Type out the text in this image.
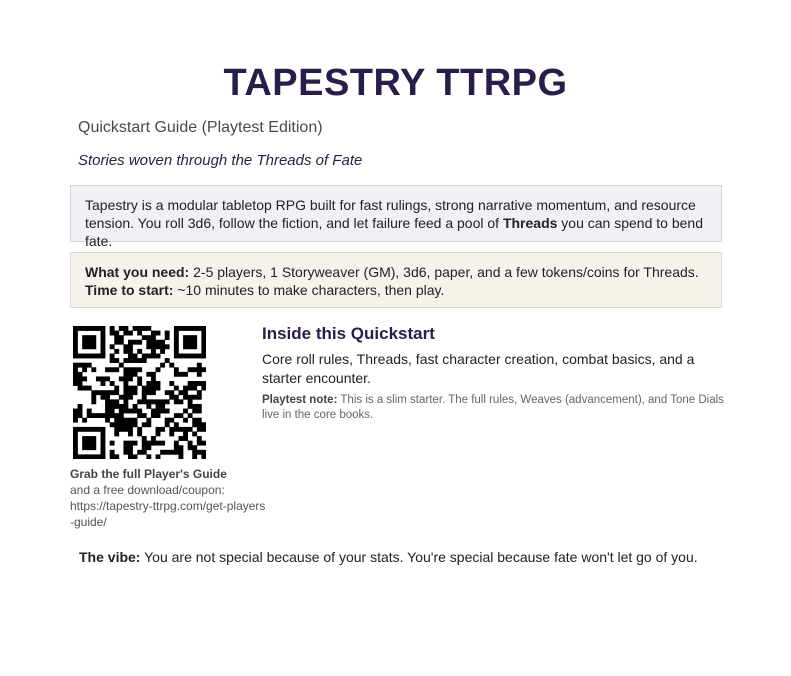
TAPESTRY TTRPG

Quickstart Guide (Playtest Edition)

Stories woven through the Threads of Fate

Tapestry is a modular tabletop RPG built for fast rulings, strong narrative momentum, and resource tension. You roll 3d6, follow the fiction, and let failure feed a pool of Threads you can spend to bend fate.
What you need: 2-5 players, 1 Storyweaver (GM), 3d6, paper, and a few tokens/coins for Threads.
Time to start: ~10 minutes to make characters, then play.
Grab the full Player's Guide
and a free download/coupon:
https://tapestry-ttrpg.com/get-players-guide/
Inside this Quickstart

Core roll rules, Threads, fast character creation, combat basics, and a starter encounter.

Playtest note: This is a slim starter. The full rules, Weaves (advancement), and Tone Dials live in the core books.

The vibe: You are not special because of your stats. You're special because fate won't let go of you.
